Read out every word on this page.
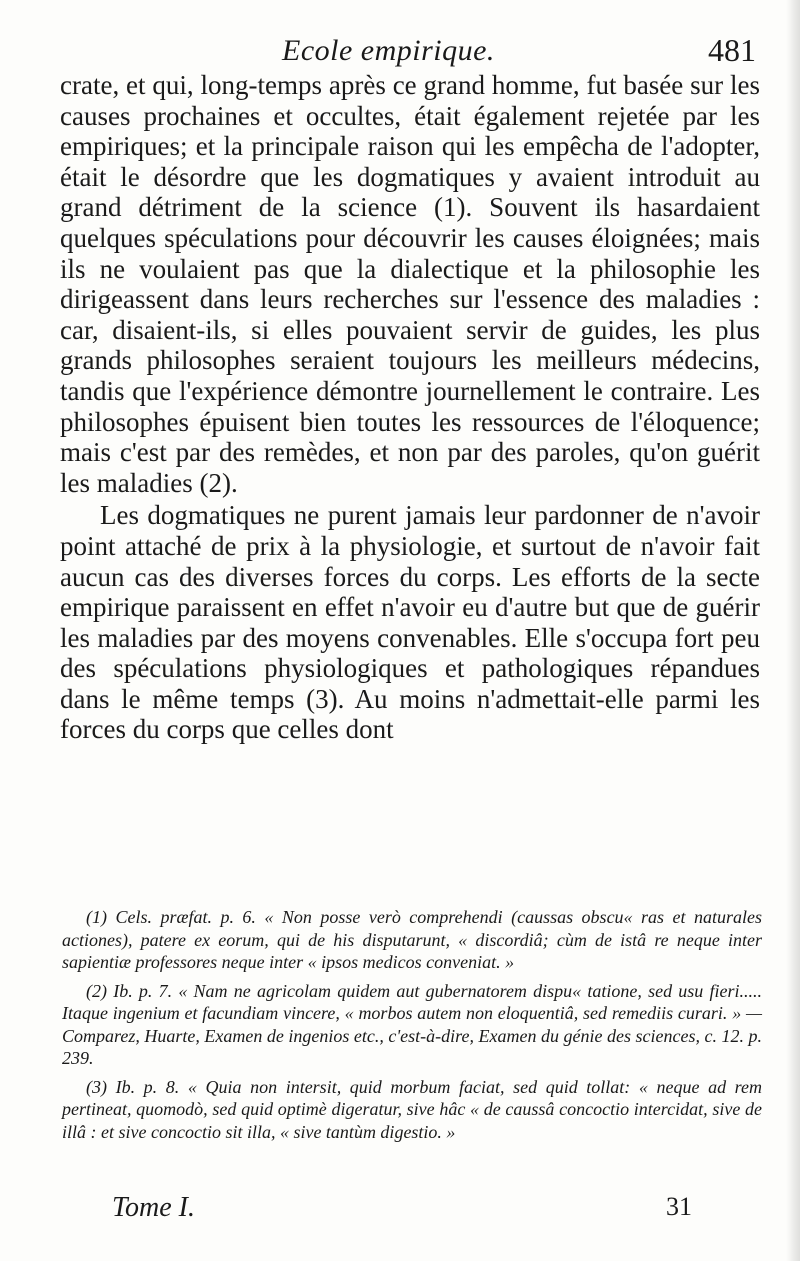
Ecole empirique.	481

crate, et qui, long-temps après ce grand homme, fut basée sur les causes prochaines et occultes, était également rejetée par les empiriques; et la principale raison qui les empêcha de l'adopter, était le désordre que les dogmatiques y avaient introduit au grand détriment de la science (1). Souvent ils hasardaient quelques spéculations pour découvrir les causes éloignées; mais ils ne voulaient pas que la dialectique et la philosophie les dirigeassent dans leurs recherches sur l'essence des maladies : car, disaient-ils, si elles pouvaient servir de guides, les plus grands philosophes seraient toujours les meilleurs médecins, tandis que l'expérience démontre journellement le contraire. Les philosophes épuisent bien toutes les ressources de l'éloquence; mais c'est par des remèdes, et non par des paroles, qu'on guérit les maladies (2).

Les dogmatiques ne purent jamais leur pardonner de n'avoir point attaché de prix à la physiologie, et surtout de n'avoir fait aucun cas des diverses forces du corps. Les efforts de la secte empirique paraissent en effet n'avoir eu d'autre but que de guérir les maladies par des moyens convenables. Elle s'occupa fort peu des spéculations physiologiques et pathologiques répandues dans le même temps (3). Au moins n'admettait-elle parmi les forces du corps que celles dont

(1) Cels. præfat. p. 6. « Non posse verò comprehendi (caussas obscu« ras et naturales actiones), patere ex eorum, qui de his disputarunt, « discordiâ; cùm de istâ re neque inter sapientiæ professores neque inter « ipsos medicos conveniat. »

(2) Ib. p. 7. « Nam ne agricolam quidem aut gubernatorem dispu« tatione, sed usu fieri..... Itaque ingenium et facundiam vincere, « morbos autem non eloquentiâ, sed remediis curari. » — Comparez, Huarte, Examen de ingenios etc., c'est-à-dire, Examen du génie des sciences, c. 12. p. 239.

(3) Ib. p. 8. « Quia non intersit, quid morbum faciat, sed quid tollat: « neque ad rem pertineat, quomodò, sed quid optimè digeratur, sive hâc « de caussâ concoctio intercidat, sive de illâ : et sive concoctio sit illa, « sive tantùm digestio. »

Tome I.	31
